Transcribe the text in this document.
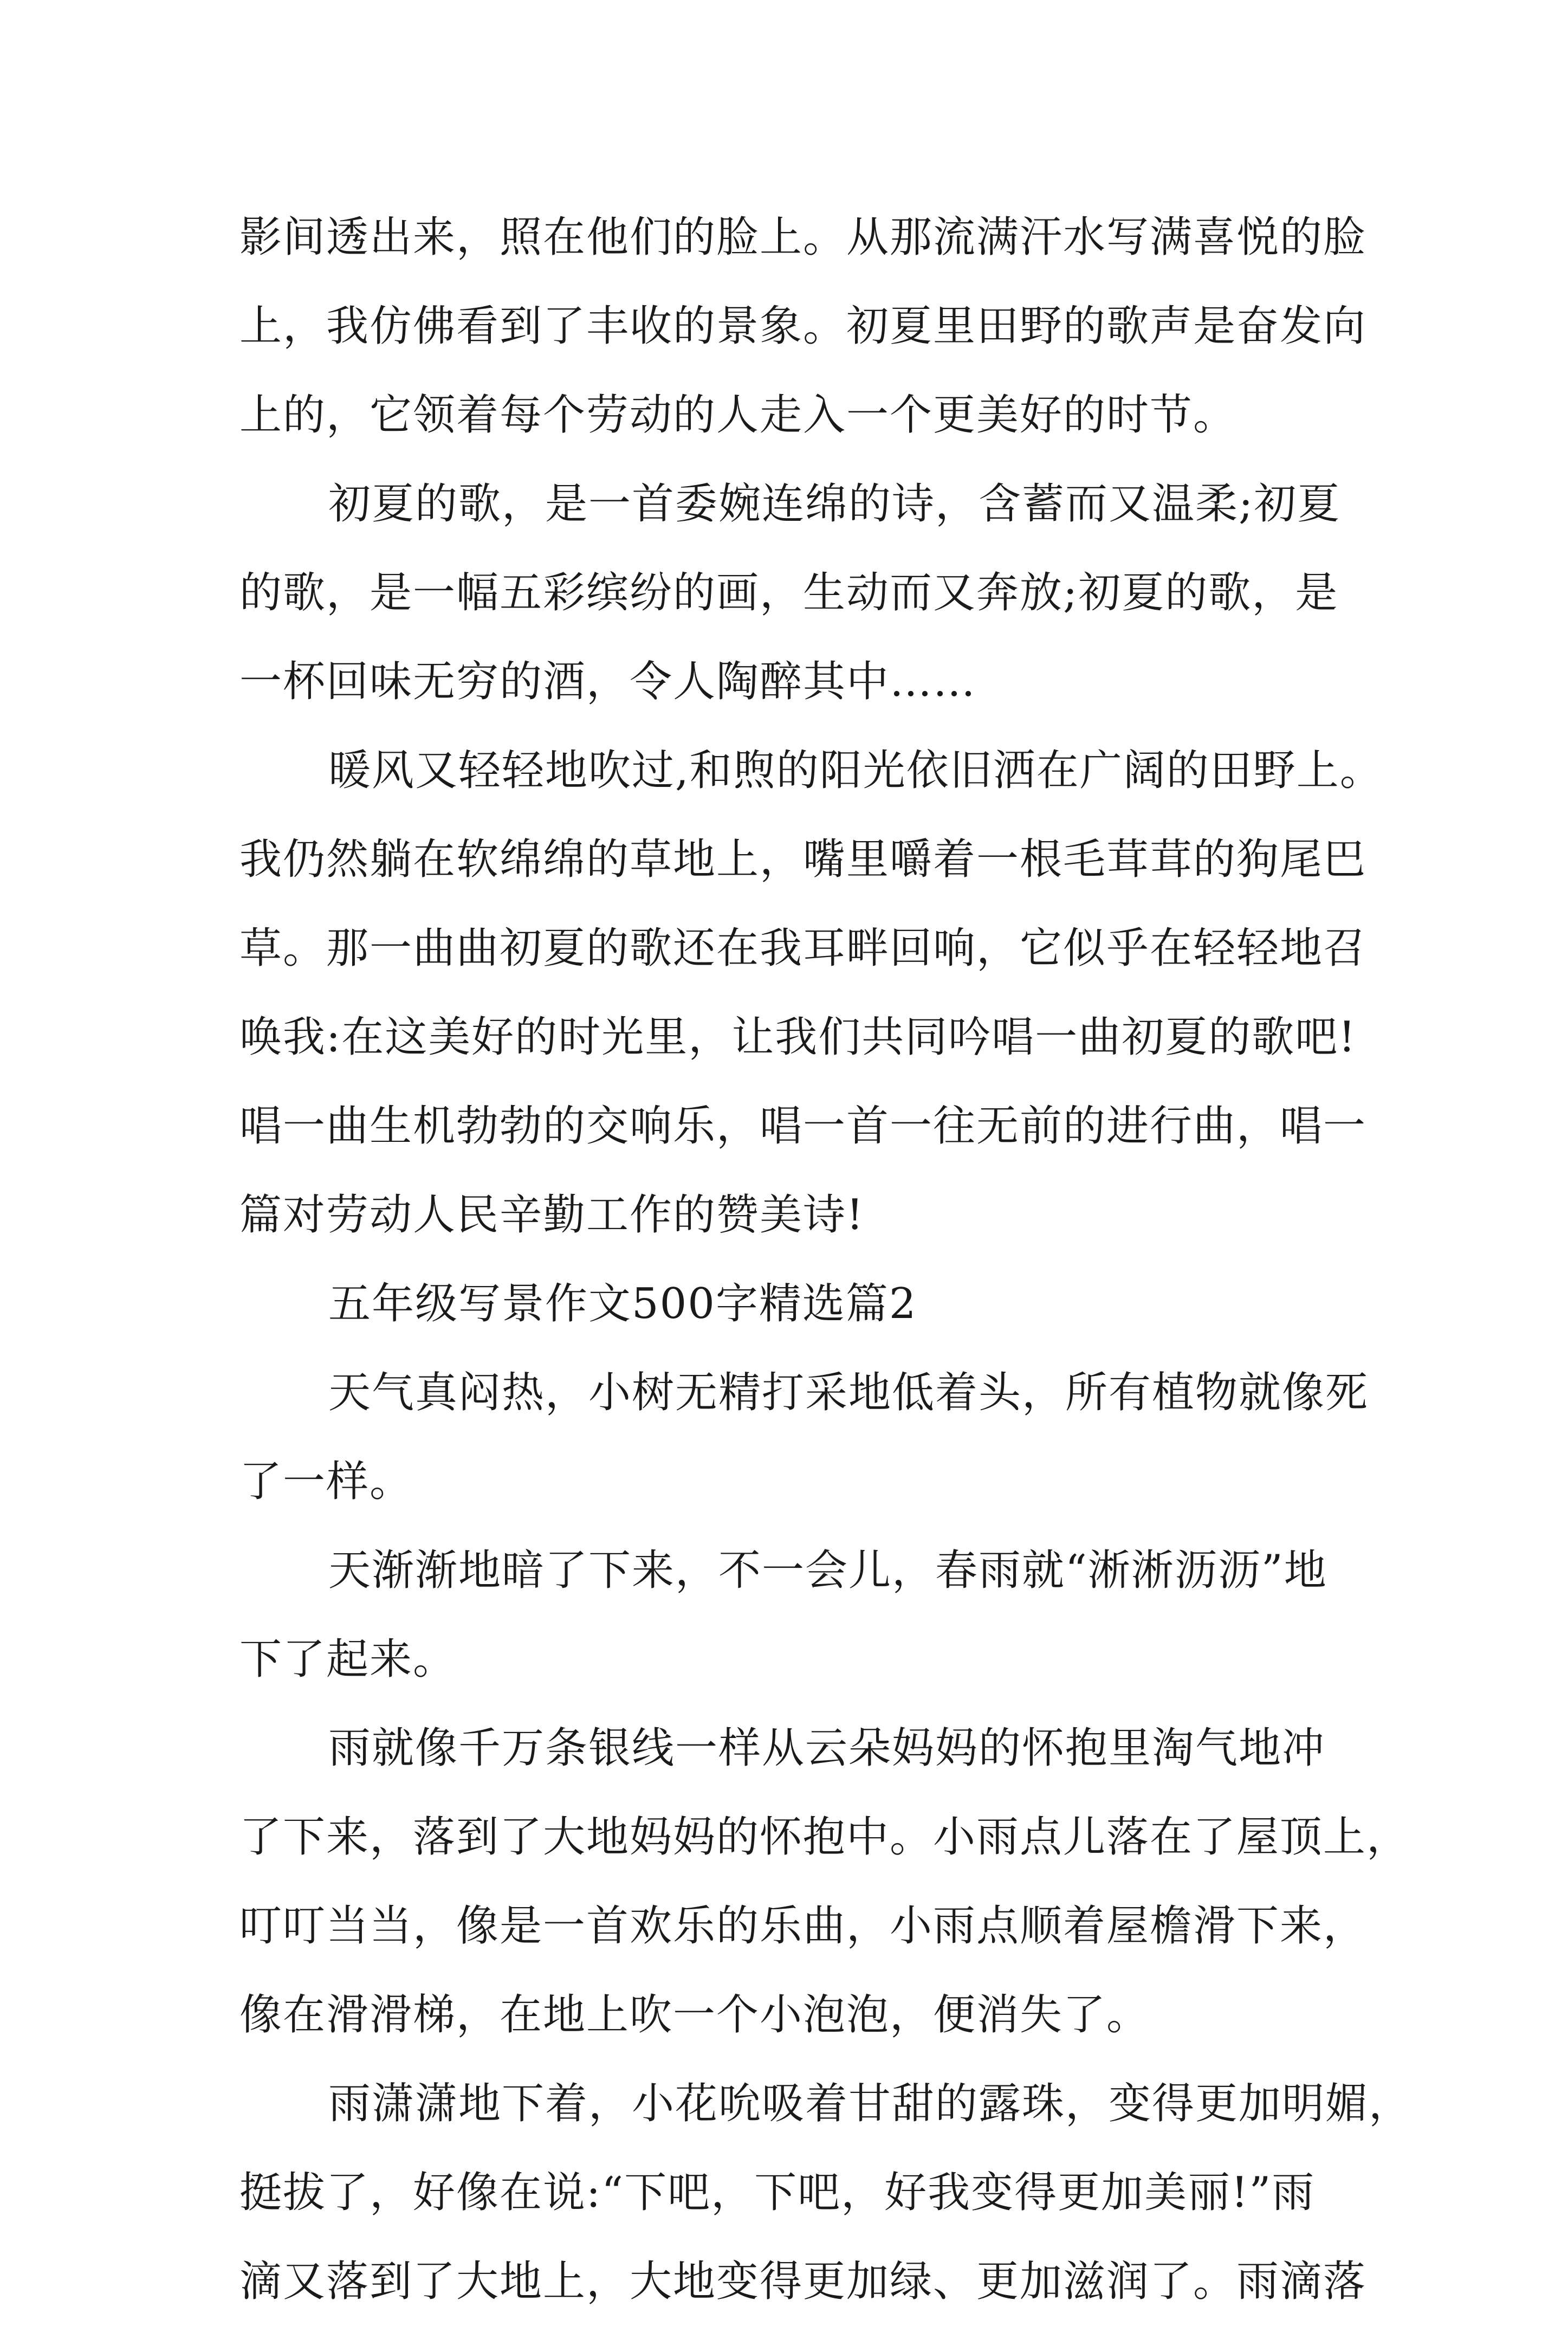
影间透出来，照在他们的脸上。从那流满汗水写满喜悦的脸
上，我仿佛看到了丰收的景象。初夏里田野的歌声是奋发向
上的，它领着每个劳动的人走入一个更美好的时节。
初夏的歌，是一首委婉连绵的诗，含蓄而又温柔;初夏
的歌，是一幅五彩缤纷的画，生动而又奔放;初夏的歌，是
一杯回味无穷的酒，令人陶醉其中……
暖风又轻轻地吹过,和煦的阳光依旧洒在广阔的田野上。
我仍然躺在软绵绵的草地上，嘴里嚼着一根毛茸茸的狗尾巴
草。那一曲曲初夏的歌还在我耳畔回响，它似乎在轻轻地召
唤我:在这美好的时光里，让我们共同吟唱一曲初夏的歌吧!
唱一曲生机勃勃的交响乐，唱一首一往无前的进行曲，唱一
篇对劳动人民辛勤工作的赞美诗!
五年级写景作文500字精选篇2
天气真闷热，小树无精打采地低着头，所有植物就像死
了一样。
天渐渐地暗了下来，不一会儿，春雨就“淅淅沥沥”地
下了起来。
雨就像千万条银线一样从云朵妈妈的怀抱里淘气地冲
了下来，落到了大地妈妈的怀抱中。小雨点儿落在了屋顶上，
叮叮当当，像是一首欢乐的乐曲，小雨点顺着屋檐滑下来，
像在滑滑梯，在地上吹一个小泡泡，便消失了。
雨潇潇地下着，小花吮吸着甘甜的露珠，变得更加明媚，
挺拔了，好像在说:“下吧，下吧，好我变得更加美丽!”雨
滴又落到了大地上，大地变得更加绿、更加滋润了。雨滴落
